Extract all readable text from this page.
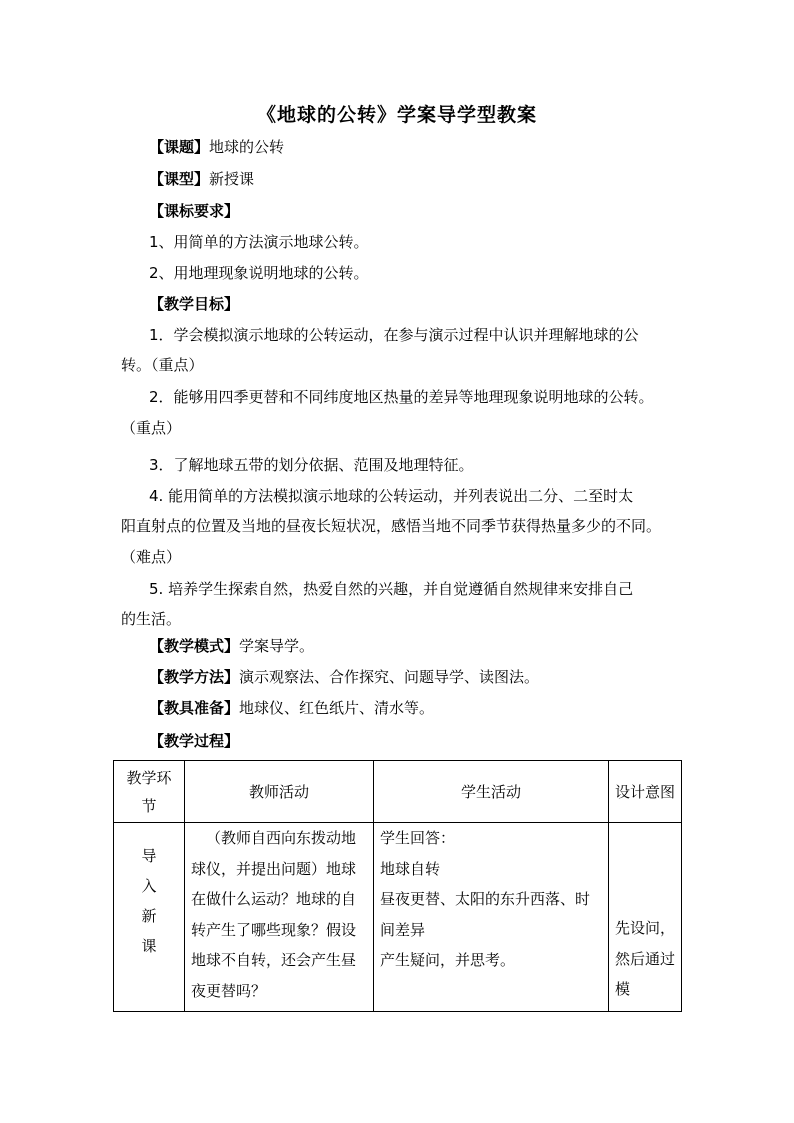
《地球的公转》学案导学型教案
【课题】地球的公转
【课型】新授课
【课标要求】
1、用简单的方法演示地球公转。
2、用地理现象说明地球的公转。
【教学目标】
1．学会模拟演示地球的公转运动，在参与演示过程中认识并理解地球的公
转。（重点）
2．能够用四季更替和不同纬度地区热量的差异等地理现象说明地球的公转。
（重点）
3．了解地球五带的划分依据、范围及地理特征。
4. 能用简单的方法模拟演示地球的公转运动，并列表说出二分、二至时太
阳直射点的位置及当地的昼夜长短状况，感悟当地不同季节获得热量多少的不同。
（难点）
5. 培养学生探索自然，热爱自然的兴趣，并自觉遵循自然规律来安排自己
的生活。
【教学模式】学案导学。
【教学方法】演示观察法、合作探究、问题导学、读图法。
【教具准备】地球仪、红色纸片、清水等。
【教学过程】
教学环节	教师活动	学生活动	设计意图

导入新课	（教师自西向东拨动地球仪，并提出问题）地球在做什么运动？地球的自转产生了哪些现象？假设地球不自转，还会产生昼夜更替吗？	学生回答：
地球自转
昼夜更替、太阳的东升西落、时间差异
产生疑问，并思考。	先设问，然后通过模
